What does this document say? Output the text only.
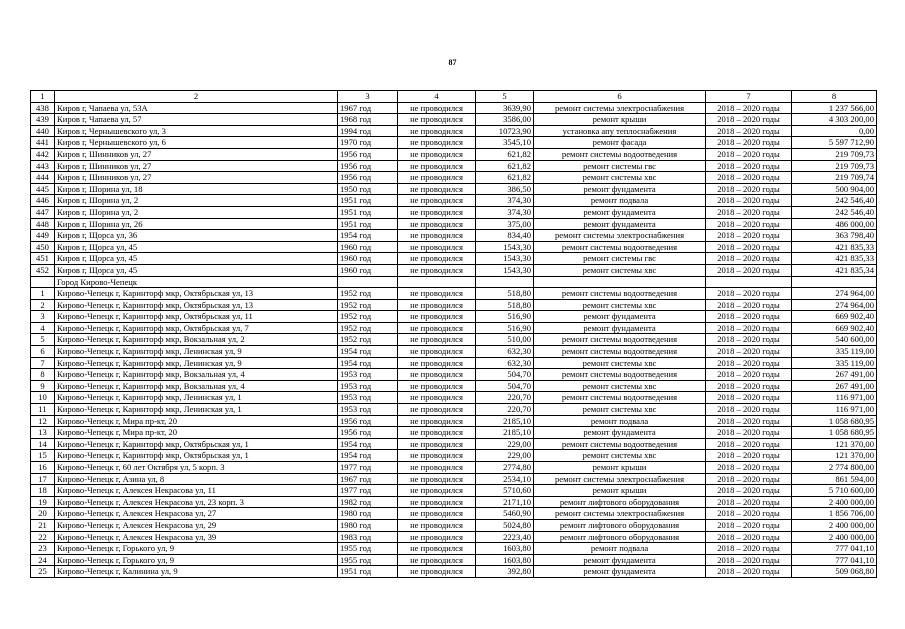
87
1	2	3	4	5	6	7	8
438	Киров г, Чапаева ул, 53А	1967 год	не проводился	3639,90	ремонт системы электроснабжения	2018 – 2020 годы	1 237 566,00
439	Киров г, Чапаева ул, 57	1968 год	не проводился	3586,00	ремонт крыши	2018 – 2020 годы	4 303 200,00
440	Киров г, Чернышевского ул, 3	1994 год	не проводился	10723,90	установка апу теплоснабжения	2018 – 2020 годы	0,00
441	Киров г, Чернышевского ул, 6	1970 год	не проводился	3545,10	ремонт фасада	2018 – 2020 годы	5 597 712,90
442	Киров г, Шинников ул, 27	1956 год	не проводился	621,82	ремонт системы водоотведения	2018 – 2020 годы	219 709,73
443	Киров г, Шинников ул, 27	1956 год	не проводился	621,82	ремонт системы гвс	2018 – 2020 годы	219 709,73
444	Киров г, Шинников ул, 27	1956 год	не проводился	621,82	ремонт системы хвс	2018 – 2020 годы	219 709,74
445	Киров г, Шорина ул, 18	1950 год	не проводился	386,50	ремонт фундамента	2018 – 2020 годы	500 904,00
446	Киров г, Шорина ул, 2	1951 год	не проводился	374,30	ремонт подвала	2018 – 2020 годы	242 546,40
447	Киров г, Шорина ул, 2	1951 год	не проводился	374,30	ремонт фундамента	2018 – 2020 годы	242 546,40
448	Киров г, Шорина ул, 26	1951 год	не проводился	375,00	ремонт фундамента	2018 – 2020 годы	486 000,00
449	Киров г, Щорса ул, 36	1954 год	не проводился	834,40	ремонт системы электроснабжения	2018 – 2020 годы	363 798,40
450	Киров г, Щорса ул, 45	1960 год	не проводился	1543,30	ремонт системы водоотведения	2018 – 2020 годы	421 835,33
451	Киров г, Щорса ул, 45	1960 год	не проводился	1543,30	ремонт системы гвс	2018 – 2020 годы	421 835,33
452	Киров г, Щорса ул, 45	1960 год	не проводился	1543,30	ремонт системы хвс	2018 – 2020 годы	421 835,34
	Город Кирово-Чепецк						
1	Кирово-Чепецк г, Каринторф мкр, Октябрьская ул, 13	1952 год	не проводился	518,80	ремонт системы водоотведения	2018 – 2020 годы	274 964,00
2	Кирово-Чепецк г, Каринторф мкр, Октябрьская ул, 13	1952 год	не проводился	518,80	ремонт системы хвс	2018 – 2020 годы	274 964,00
3	Кирово-Чепецк г, Каринторф мкр, Октябрьская ул, 11	1952 год	не проводился	516,90	ремонт фундамента	2018 – 2020 годы	669 902,40
4	Кирово-Чепецк г, Каринторф мкр, Октябрьская ул, 7	1952 год	не проводился	516,90	ремонт фундамента	2018 – 2020 годы	669 902,40
5	Кирово-Чепецк г, Каринторф мкр, Вокзальная ул, 2	1952 год	не проводился	510,00	ремонт системы водоотведения	2018 – 2020 годы	540 600,00
6	Кирово-Чепецк г, Каринторф мкр, Ленинская ул, 9	1954 год	не проводился	632,30	ремонт системы водоотведения	2018 – 2020 годы	335 119,00
7	Кирово-Чепецк г, Каринторф мкр, Ленинская ул, 9	1954 год	не проводился	632,30	ремонт системы хвс	2018 – 2020 годы	335 119,00
8	Кирово-Чепецк г, Каринторф мкр, Вокзальная ул, 4	1953 год	не проводился	504,70	ремонт системы водоотведения	2018 – 2020 годы	267 491,00
9	Кирово-Чепецк г, Каринторф мкр, Вокзальная ул, 4	1953 год	не проводился	504,70	ремонт системы хвс	2018 – 2020 годы	267 491,00
10	Кирово-Чепецк г, Каринторф мкр, Ленинская ул, 1	1953 год	не проводился	220,70	ремонт системы водоотведения	2018 – 2020 годы	116 971,00
11	Кирово-Чепецк г, Каринторф мкр, Ленинская ул, 1	1953 год	не проводился	220,70	ремонт системы хвс	2018 – 2020 годы	116 971,00
12	Кирово-Чепецк г, Мира пр-кт, 20	1956 год	не проводился	2185,10	ремонт подвала	2018 – 2020 годы	1 058 680,95
13	Кирово-Чепецк г, Мира пр-кт, 20	1956 год	не проводился	2185,10	ремонт фундамента	2018 – 2020 годы	1 058 680,95
14	Кирово-Чепецк г, Каринторф мкр, Октябрьская ул, 1	1954 год	не проводился	229,00	ремонт системы водоотведения	2018 – 2020 годы	121 370,00
15	Кирово-Чепецк г, Каринторф мкр, Октябрьская ул, 1	1954 год	не проводился	229,00	ремонт системы хвс	2018 – 2020 годы	121 370,00
16	Кирово-Чепецк г, 60 лет Октября ул, 5 корп. 3	1977 год	не проводился	2774,80	ремонт крыши	2018 – 2020 годы	2 774 800,00
17	Кирово-Чепецк г, Азина ул, 8	1967 год	не проводился	2534,10	ремонт системы электроснабжения	2018 – 2020 годы	861 594,00
18	Кирово-Чепецк г, Алексея Некрасова ул, 11	1977 год	не проводился	5710,60	ремонт крыши	2018 – 2020 годы	5 710 600,00
19	Кирово-Чепецк г, Алексея Некрасова ул, 23 корп. 3	1982 год	не проводился	2171,10	ремонт лифтового оборудования	2018 – 2020 годы	2 400 000,00
20	Кирово-Чепецк г, Алексея Некрасова ул, 27	1980 год	не проводился	5460,90	ремонт системы электроснабжения	2018 – 2020 годы	1 856 706,00
21	Кирово-Чепецк г, Алексея Некрасова ул, 29	1980 год	не проводился	5024,80	ремонт лифтового оборудования	2018 – 2020 годы	2 400 000,00
22	Кирово-Чепецк г, Алексея Некрасова ул, 39	1983 год	не проводился	2223,40	ремонт лифтового оборудования	2018 – 2020 годы	2 400 000,00
23	Кирово-Чепецк г, Горького ул, 9	1955 год	не проводился	1603,80	ремонт подвала	2018 – 2020 годы	777 041,10
24	Кирово-Чепецк г, Горького ул, 9	1955 год	не проводился	1603,80	ремонт фундамента	2018 – 2020 годы	777 041,10
25	Кирово-Чепецк г, Калинина ул, 9	1951 год	не проводился	392,80	ремонт фундамента	2018 – 2020 годы	509 068,80
